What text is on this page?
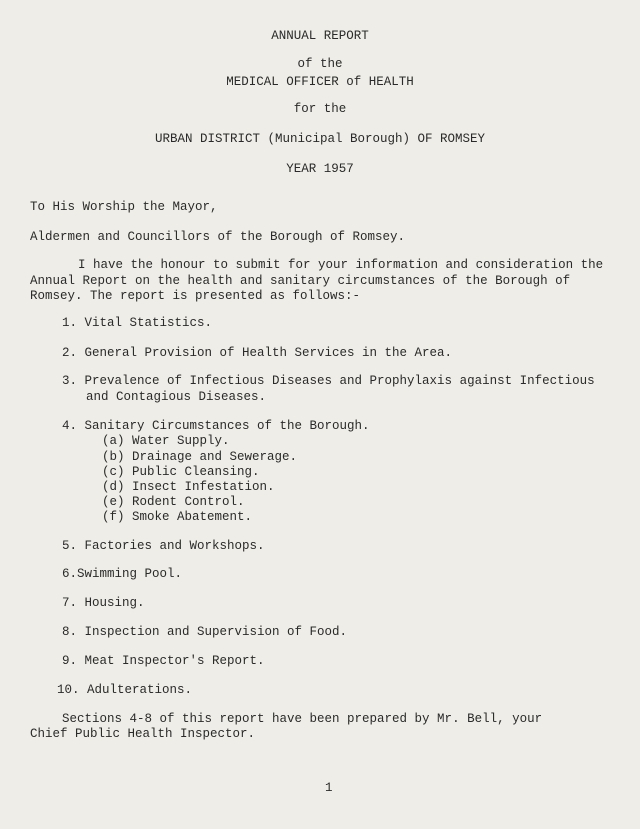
ANNUAL REPORT
of the
MEDICAL OFFICER of HEALTH
for the
URBAN DISTRICT (Municipal Borough) OF ROMSEY
YEAR 1957
To His Worship the Mayor,
Aldermen and Councillors of the Borough of Romsey.
I have the honour to submit for your information and consideration the
Annual Report on the health and sanitary circumstances of the Borough of
Romsey. The report is presented as follows:-
1. Vital Statistics.
2. General Provision of Health Services in the Area.
3. Prevalence of Infectious Diseases and Prophylaxis against Infectious
and Contagious Diseases.
4. Sanitary Circumstances of the Borough.
(a) Water Supply.
(b) Drainage and Sewerage.
(c) Public Cleansing.
(d) Insect Infestation.
(e) Rodent Control.
(f) Smoke Abatement.
5. Factories and Workshops.
6.Swimming Pool.
7. Housing.
8. Inspection and Supervision of Food.
9. Meat Inspector's Report.
10. Adulterations.
Sections 4-8 of this report have been prepared by Mr. Bell, your
Chief Public Health Inspector.
1
